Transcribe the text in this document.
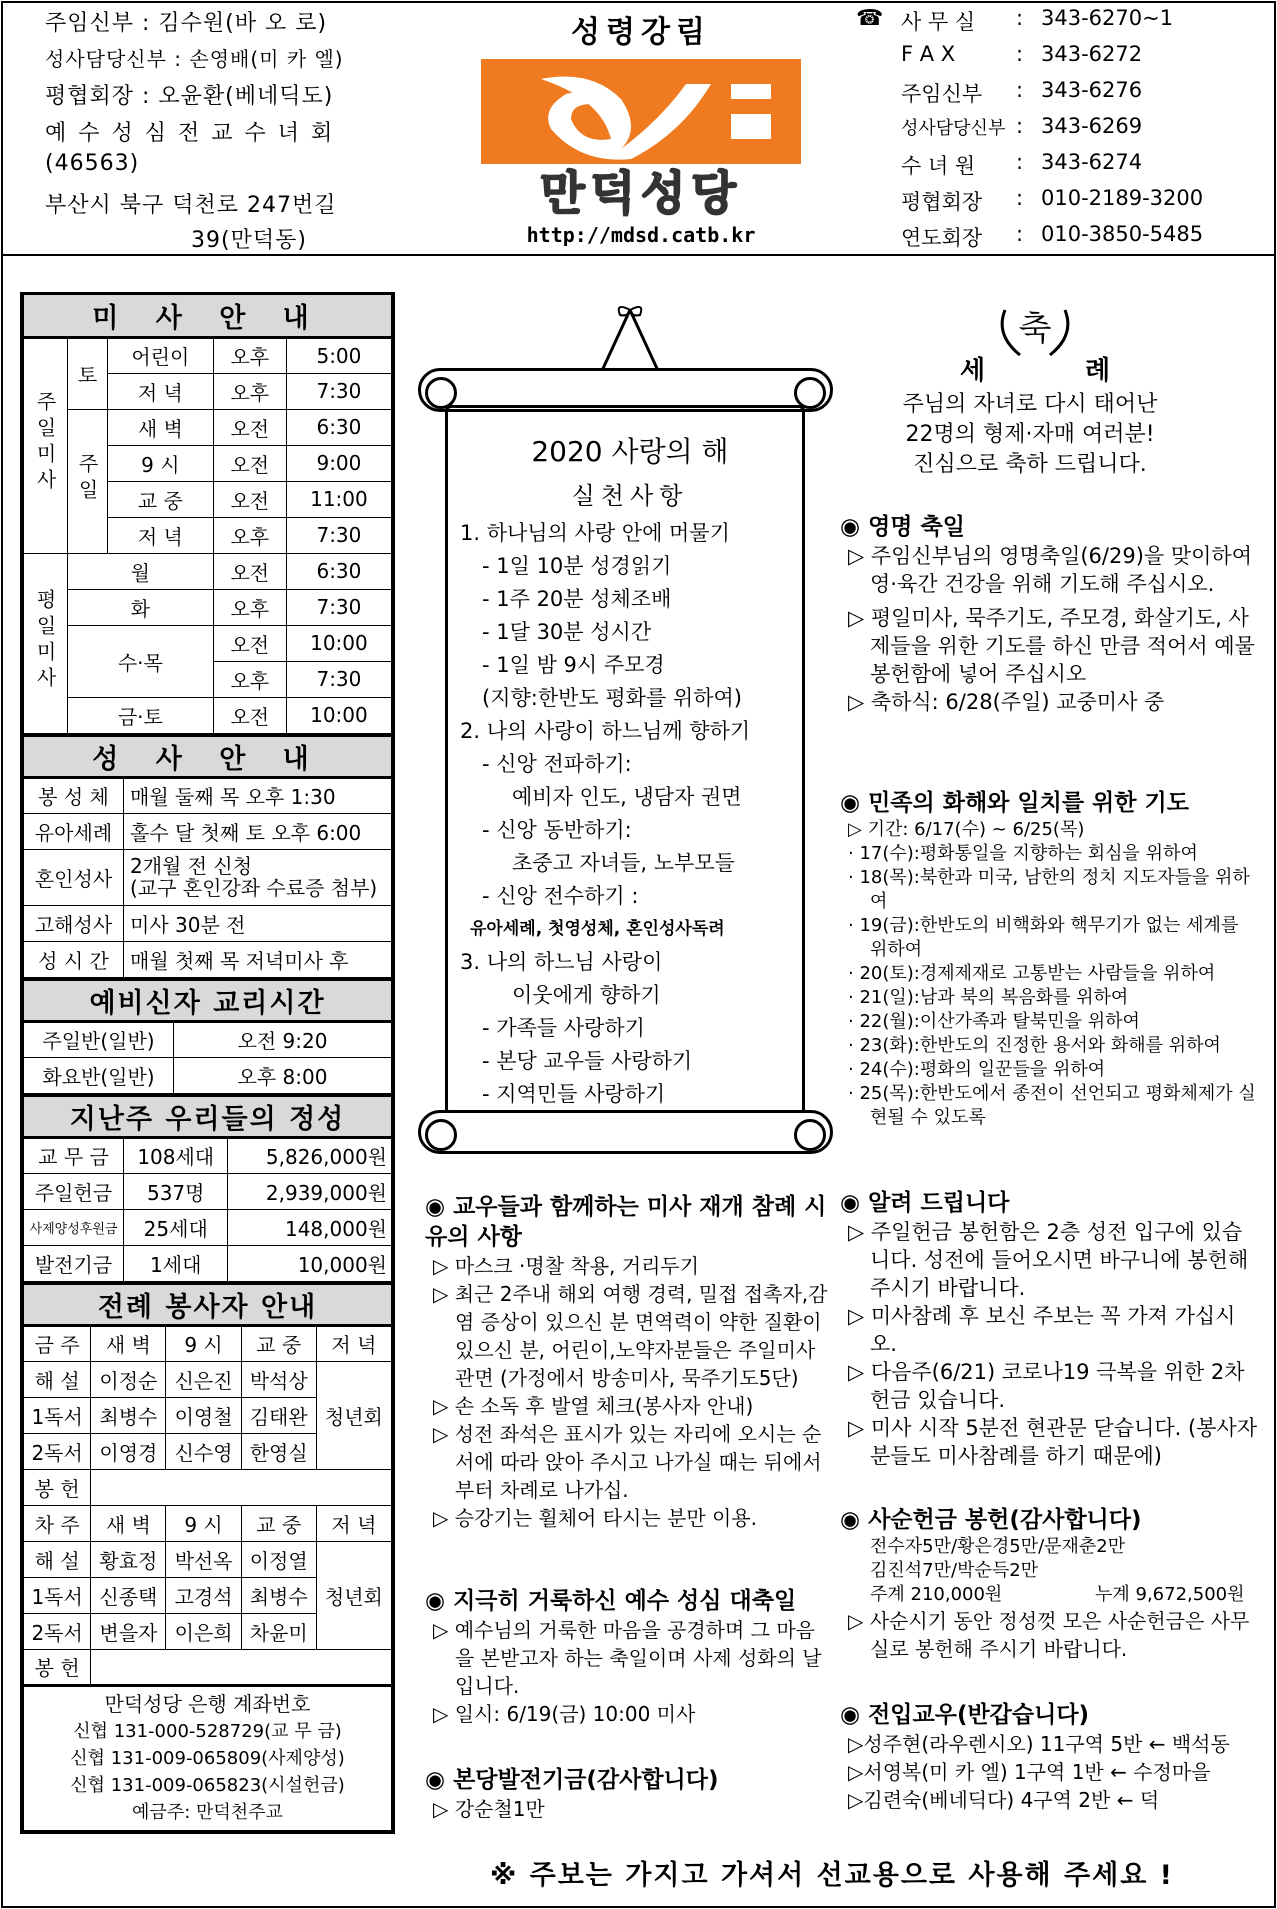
주임신부 : 김수원(바 오 로)
성사담당신부 : 손영배(미 카 엘)
평협회장 : 오윤환(베네딕도)
예수성심전교수녀회
(46563)
부산시 북구 덕천로 247번길
39(만덕동)
성령강림
만덕성당
http://mdsd.catb.kr
☎ 사 무 실 : 343-6270~1
F A X	: 343-6272
주임신부 : 343-6276
성사담당신부 : 343-6269
수 녀 원 : 343-6274
평협회장 : 010-2189-3200
연도회장 : 010-3850-5485
미 사 안 내				
주일미사	토	어린이	오후	5:00
		저 녁	오후	7:30
	주일	새 벽	오전	6:30
		9 시	오전	9:00
		교 중	오전	11:00
		저 녁	오후	7:30
평일미사	월		오전	6:30
	화		오후	7:30
	수·목		오전	10:00
			오후	7:30
	금·토		오전	10:00
성 사 안 내	
봉 성 체	매월 둘째 목 오후 1:30
유아세례	홀수 달 첫째 토 오후 6:00
혼인성사	2개월 전 신청
(교구 혼인강좌 수료증 첨부)

고해성사	미사 30분 전
성 시 간	매월 첫째 목 저녁미사 후
예비신자 교리시간	
주일반(일반)	오전 9:20
화요반(일반)	오후 8:00
지난주 우리들의 정성		
교 무 금	108세대	5,826,000원
주일헌금	537명	2,939,000원
사제양성후원금	25세대	148,000원
발전기금	1세대	10,000원
전례 봉사자 안내				
금 주	새 벽	9 시	교 중	저 녁
해 설	이정순	신은진	박석상	청년회
1독서	최병수	이영철	김태완	
2독서	이영경	신수영	한영실	
봉 헌				
차 주	새 벽	9 시	교 중	저 녁
해 설	황효정	박선옥	이정열	청년회
1독서	신종택	고경석	최병수	
2독서	변을자	이은희	차윤미	
봉 헌				

만덕성당 은행 계좌번호
신협 131-000-528729(교 무 금)
신협 131-009-065809(사제양성)
신협 131-009-065823(시설헌금)
예금주: 만덕천주교				
2020 사랑의 해
실천사항

1. 하나님의 사랑 안에 머물기

- 1일 10분 성경읽기

- 1주 20분 성체조배

- 1달 30분 성시간

- 1일 밤 9시 주모경

(지향:한반도 평화를 위하여)

2. 나의 사랑이 하느님께 향하기

- 신앙 전파하기:

예비자 인도, 냉담자 권면

- 신앙 동반하기:

초중고 자녀들, 노부모들

- 신앙 전수하기 :

유아세례, 첫영성체, 혼인성사독려

3. 나의 하느님 사랑이

이웃에게 향하기

- 가족들 사랑하기

- 본당 교우들 사랑하기

- 지역민들 사랑하기

축
세	례
주님의 자녀로 다시 태어난
22명의 형제·자매 여러분!
진심으로 축하 드립니다.
◉ 영명 축일

▷ 주임신부님의 영명축일(6/29)을 맞이하여 영·육간 건강을 위해 기도해 주십시오.

▷ 평일미사, 묵주기도, 주모경, 화살기도, 사제들을 위한 기도를 하신 만큼 적어서 예물 봉헌함에 넣어 주십시오

▷ 축하식: 6/28(주일) 교중미사 중

◉ 민족의 화해와 일치를 위한 기도

▷ 기간: 6/17(수) ~ 6/25(목)

· 17(수):평화통일을 지향하는 회심을 위하여

· 18(목):북한과 미국, 남한의 정치 지도자들을 위하여

· 19(금):한반도의 비핵화와 핵무기가 없는 세계를 위하여

· 20(토):경제제재로 고통받는 사람들을 위하여

· 21(일):남과 북의 복음화를 위하여

· 22(월):이산가족과 탈북민을 위하여

· 23(화):한반도의 진정한 용서와 화해를 위하여

· 24(수):평화의 일꾼들을 위하여

· 25(목):한반도에서 종전이 선언되고 평화체제가 실현될 수 있도록

◉ 알려 드립니다

▷ 주일헌금 봉헌함은 2층 성전 입구에 있습니다. 성전에 들어오시면 바구니에 봉헌해 주시기 바랍니다.

▷ 미사참례 후 보신 주보는 꼭 가져 가십시오.

▷ 다음주(6/21) 코로나19 극복을 위한 2차 헌금 있습니다.

▷ 미사 시작 5분전 현관문 닫습니다. (봉사자분들도 미사참례를 하기 때문에)

◉ 사순헌금 봉헌(감사합니다)

전수자5만/황은경5만/문재춘2만

김진석7만/박순득2만

주계 210,000원	누계 9,672,500원

▷ 사순시기 동안 정성껏 모은 사순헌금은 사무실로 봉헌해 주시기 바랍니다.

◉ 전입교우(반갑습니다)

▷성주현(라우렌시오) 11구역 5반 ← 백석동

▷서영복(미 카 엘) 1구역 1반 ← 수정마을

▷김련숙(베네딕다) 4구역 2반 ← 덕

◉ 교우들과 함께하는 미사 재개 참례 시 유의 사항

▷ 마스크 ·명찰 착용, 거리두기

▷ 최근 2주내 해외 여행 경력, 밀접 접촉자,감염 증상이 있으신 분 면역력이 약한 질환이 있으신 분, 어린이,노약자분들은 주일미사 관면 (가정에서 방송미사, 묵주기도5단)

▷ 손 소독 후 발열 체크(봉사자 안내)

▷ 성전 좌석은 표시가 있는 자리에 오시는 순서에 따라 앉아 주시고 나가실 때는 뒤에서부터 차례로 나가십.

▷ 승강기는 휠체어 타시는 분만 이용.

◉ 지극히 거룩하신 예수 성심 대축일

▷ 예수님의 거룩한 마음을 공경하며 그 마음을 본받고자 하는 축일이며 사제 성화의 날입니다.

▷ 일시: 6/19(금) 10:00 미사

◉ 본당발전기금(감사합니다)

▷ 강순철1만

※ 주보는 가지고 가셔서 선교용으로 사용해 주세요 !
